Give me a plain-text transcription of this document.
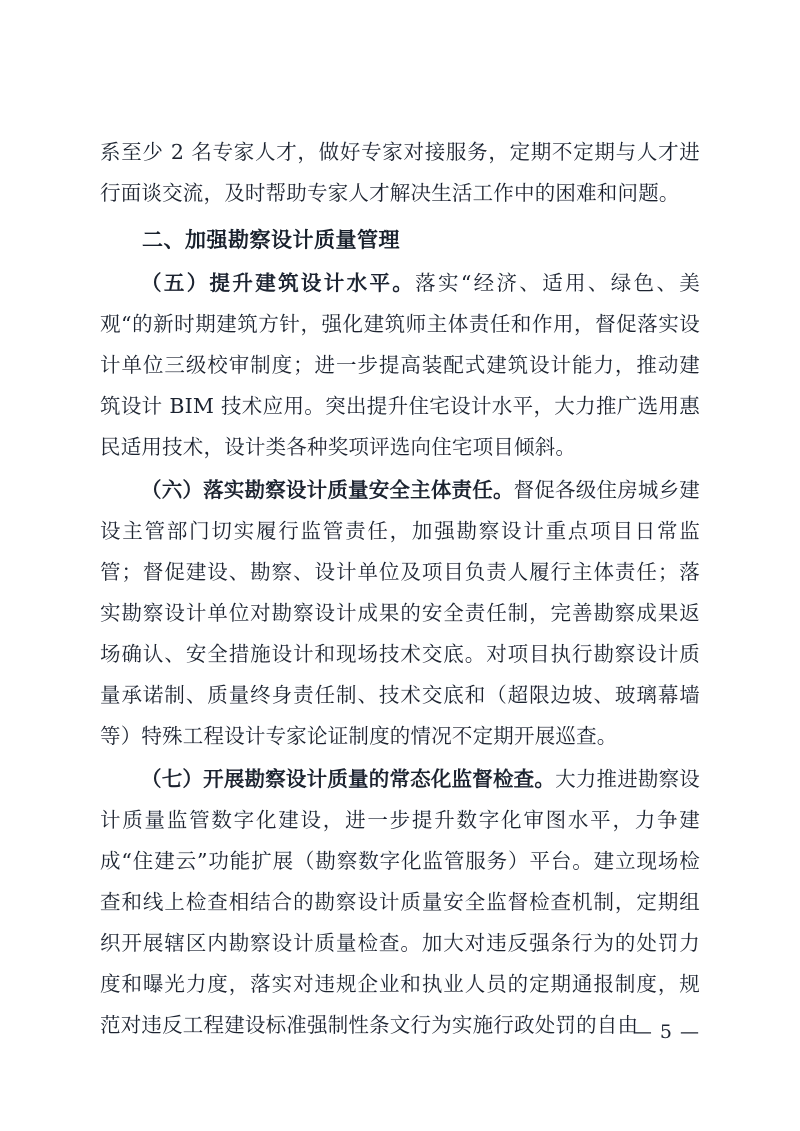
系至少 2 名专家人才，做好专家对接服务，定期不定期与人才进行面谈交流，及时帮助专家人才解决生活工作中的困难和问题。

二、加强勘察设计质量管理

（五）提升建筑设计水平。落实“经济、适用、绿色、美观“的新时期建筑方针，强化建筑师主体责任和作用，督促落实设计单位三级校审制度；进一步提高装配式建筑设计能力，推动建筑设计 BIM 技术应用。突出提升住宅设计水平，大力推广选用惠民适用技术，设计类各种奖项评选向住宅项目倾斜。

（六）落实勘察设计质量安全主体责任。督促各级住房城乡建设主管部门切实履行监管责任，加强勘察设计重点项目日常监管；督促建设、勘察、设计单位及项目负责人履行主体责任；落实勘察设计单位对勘察设计成果的安全责任制，完善勘察成果返场确认、安全措施设计和现场技术交底。对项目执行勘察设计质量承诺制、质量终身责任制、技术交底和（超限边坡、玻璃幕墙等）特殊工程设计专家论证制度的情况不定期开展巡查。

（七）开展勘察设计质量的常态化监督检查。大力推进勘察设计质量监管数字化建设，进一步提升数字化审图水平，力争建成“住建云”功能扩展（勘察数字化监管服务）平台。建立现场检查和线上检查相结合的勘察设计质量安全监督检查机制，定期组织开展辖区内勘察设计质量检查。加大对违反强条行为的处罚力度和曝光力度，落实对违规企业和执业人员的定期通报制度，规范对违反工程建设标准强制性条文行为实施行政处罚的自由

— 5 —
